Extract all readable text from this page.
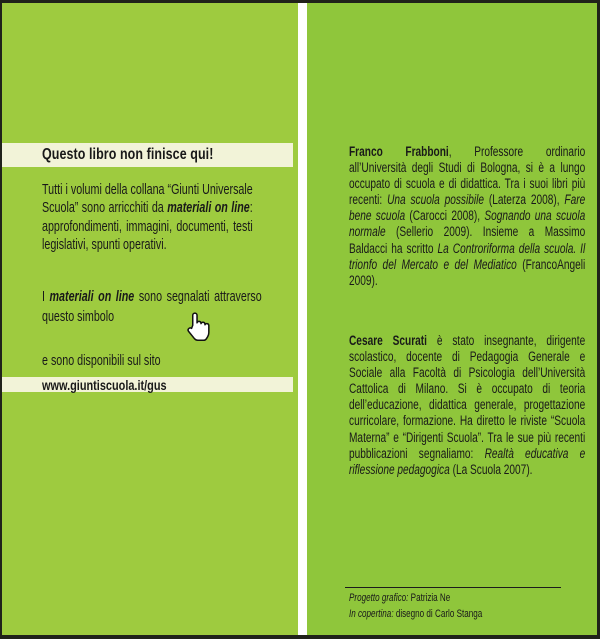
Questo libro non finisce qui!
Tutti i volumi della collana “Giunti Universale Scuola” sono arricchiti da materiali on line: approfondimenti, immagini, documenti, testi legislativi, spunti operativi.
I materiali on line sono segnalati attraverso questo simbolo
e sono disponibili sul sito
www.giuntiscuola.it/gus
Franco Frabboni, Professore ordinario all’Università degli Studi di Bologna, si è a lungo occupato di scuola e di didattica. Tra i suoi libri più recenti: Una scuola possibile (Laterza 2008), Fare bene scuola (Carocci 2008), Sognando una scuola normale (Sellerio 2009). Insieme a Massimo Baldacci ha scritto La Controriforma della scuola. Il trionfo del Mercato e del Mediatico (FrancoAngeli 2009).
Cesare Scurati è stato insegnante, dirigente scolastico, docente di Pedagogia Generale e Sociale alla Facoltà di Psicologia dell’Università Cattolica di Milano. Si è occupato di teoria dell’educazione, didattica generale, progettazione curricolare, formazione. Ha diretto le riviste “Scuola Materna” e “Dirigenti Scuola”. Tra le sue più recenti pubblicazioni segnaliamo: Realtà educativa e riflessione pedagogica (La Scuola 2007).

Progetto grafico: Patrizia Ne

In copertina: disegno di Carlo Stanga
